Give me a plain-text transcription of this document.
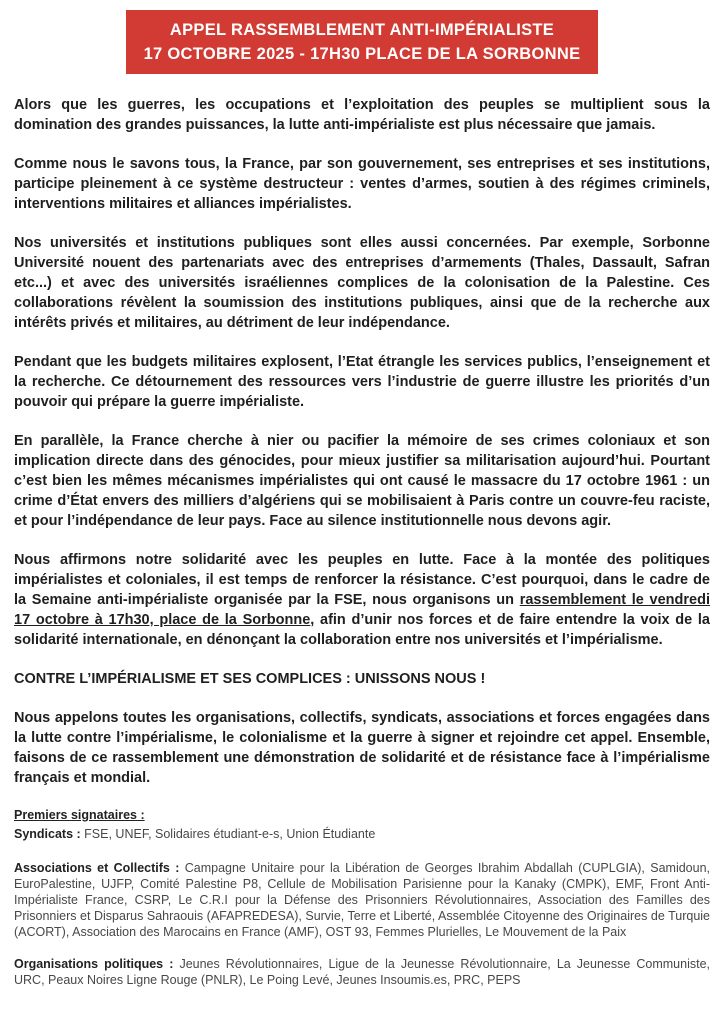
APPEL RASSEMBLEMENT ANTI-IMPÉRIALISTE
17 OCTOBRE 2025 - 17H30 PLACE DE LA SORBONNE

Alors que les guerres, les occupations et l’exploitation des peuples se multiplient sous la domination des grandes puissances, la lutte anti-impérialiste est plus nécessaire que jamais.

Comme nous le savons tous, la France, par son gouvernement, ses entreprises et ses institutions, participe pleinement à ce système destructeur : ventes d’armes, soutien à des régimes criminels, interventions militaires et alliances impérialistes.

Nos universités et institutions publiques sont elles aussi concernées. Par exemple, Sorbonne Université nouent des partenariats avec des entreprises d’armements (Thales, Dassault, Safran etc...) et avec des universités israéliennes complices de la colonisation de la Palestine. Ces collaborations révèlent la soumission des institutions publiques, ainsi que de la recherche aux intérêts privés et militaires, au détriment de leur indépendance.

Pendant que les budgets militaires explosent, l’Etat étrangle les services publics, l’enseignement et la recherche. Ce détournement des ressources vers l’industrie de guerre illustre les priorités d’un pouvoir qui prépare la guerre impérialiste.

En parallèle, la France cherche à nier ou pacifier la mémoire de ses crimes coloniaux et son implication directe dans des génocides, pour mieux justifier sa militarisation aujourd’hui. Pourtant c’est bien les mêmes mécanismes impérialistes qui ont causé le massacre du 17 octobre 1961 : un crime d’État envers des milliers d’algériens qui se mobilisaient à Paris contre un couvre-feu raciste, et pour l’indépendance de leur pays. Face au silence institutionnelle nous devons agir.

Nous affirmons notre solidarité avec les peuples en lutte. Face à la montée des politiques impérialistes et coloniales, il est temps de renforcer la résistance. C’est pourquoi, dans le cadre de la Semaine anti-impérialiste organisée par la FSE, nous organisons un rassemblement le vendredi 17 octobre à 17h30, place de la Sorbonne, afin d’unir nos forces et de faire entendre la voix de la solidarité internationale, en dénonçant la collaboration entre nos universités et l’impérialisme.

CONTRE L’IMPÉRIALISME ET SES COMPLICES : UNISSONS NOUS !

Nous appelons toutes les organisations, collectifs, syndicats, associations et forces engagées dans la lutte contre l’impérialisme, le colonialisme et la guerre à signer et rejoindre cet appel. Ensemble, faisons de ce rassemblement une démonstration de solidarité et de résistance face à l’impérialisme français et mondial.

Premiers signataires :

Syndicats : FSE, UNEF, Solidaires étudiant-e-s, Union Étudiante

Associations et Collectifs : Campagne Unitaire pour la Libération de Georges Ibrahim Abdallah (CUPLGIA), Samidoun, EuroPalestine, UJFP, Comité Palestine P8, Cellule de Mobilisation Parisienne pour la Kanaky (CMPK), EMF, Front Anti-Impérialiste France, CSRP, Le C.R.I pour la Défense des Prisonniers Révolutionnaires, Association des Familles des Prisonniers et Disparus Sahraouis (AFAPREDESA), Survie, Terre et Liberté, Assemblée Citoyenne des Originaires de Turquie (ACORT), Association des Marocains en France (AMF), OST 93, Femmes Plurielles, Le Mouvement de la Paix

Organisations politiques : Jeunes Révolutionnaires, Ligue de la Jeunesse Révolutionnaire, La Jeunesse Communiste, URC, Peaux Noires Ligne Rouge (PNLR), Le Poing Levé, Jeunes Insoumis.es, PRC, PEPS
